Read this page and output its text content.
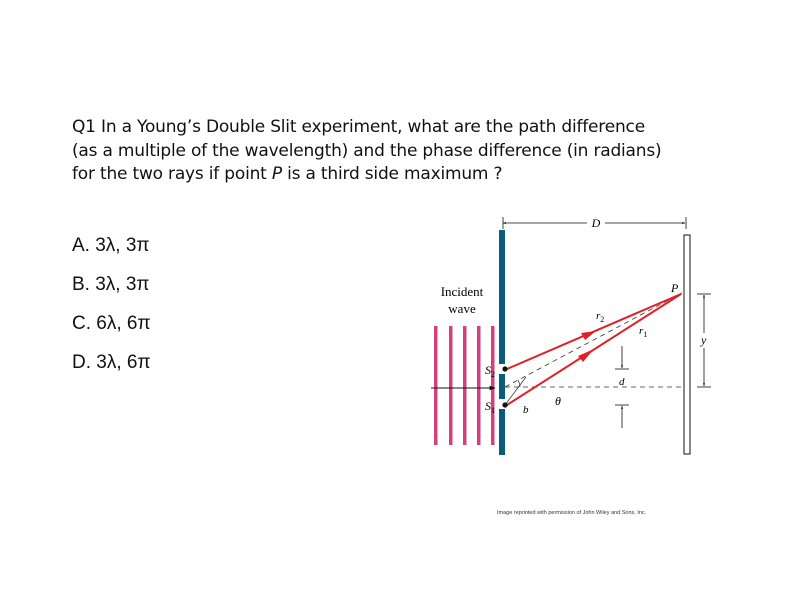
Q1 In a Young’s Double Slit experiment, what are the path difference
(as a multiple of the wavelength) and the phase difference (in radians)
for the two rays if point P is a third side maximum ?
A. 3λ, 3π
B. 3λ, 3π
C. 6λ, 6π
D. 3λ, 6π
D
Incident
wave
d
y
P
$r_2$
$r_1$
$S_2$
$S_1$	b
θ
Image reprinted with permission of John Wiley and Sons, Inc.
